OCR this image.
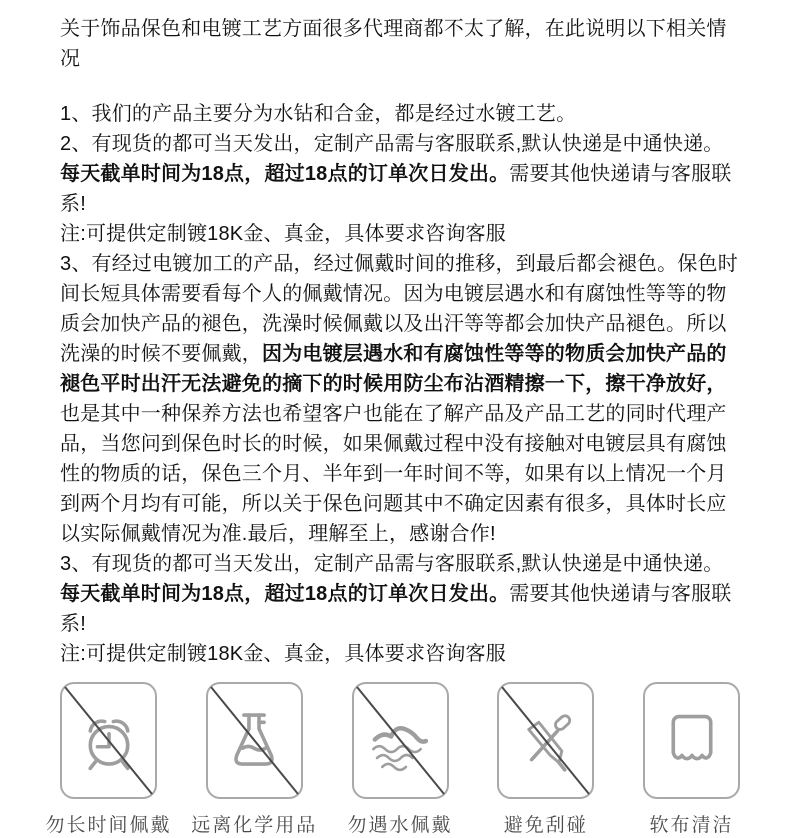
关于饰品保色和电镀工艺方面很多代理商都不太了解，在此说明以下相关情况

1、我们的产品主要分为水钻和合金，都是经过水镀工艺。

2、有现货的都可当天发出，定制产品需与客服联系,默认快递是中通快递。每天截单时间为18点，超过18点的订单次日发出。需要其他快递请与客服联系!

注:可提供定制镀18K金、真金，具体要求咨询客服

3、有经过电镀加工的产品，经过佩戴时间的推移，到最后都会褪色。保色时间长短具体需要看每个人的佩戴情况。因为电镀层遇水和有腐蚀性等等的物质会加快产品的褪色，洗澡时候佩戴以及出汗等等都会加快产品褪色。所以洗澡的时候不要佩戴，因为电镀层遇水和有腐蚀性等等的物质会加快产品的褪色平时出汗无法避免的摘下的时候用防尘布沾酒精擦一下，擦干净放好，也是其中一种保养方法也希望客户也能在了解产品及产品工艺的同时代理产品，当您问到保色时长的时候，如果佩戴过程中没有接触对电镀层具有腐蚀性的物质的话，保色三个月、半年到一年时间不等，如果有以上情况一个月到两个月均有可能，所以关于保色问题其中不确定因素有很多，具体时长应以实际佩戴情况为准.最后，理解至上，感谢合作!

3、有现货的都可当天发出，定制产品需与客服联系,默认快递是中通快递。每天截单时间为18点，超过18点的订单次日发出。需要其他快递请与客服联系!

注:可提供定制镀18K金、真金，具体要求咨询客服

勿长时间佩戴 远离化学用品 勿遇水佩戴	避免刮碰	软布清洁
